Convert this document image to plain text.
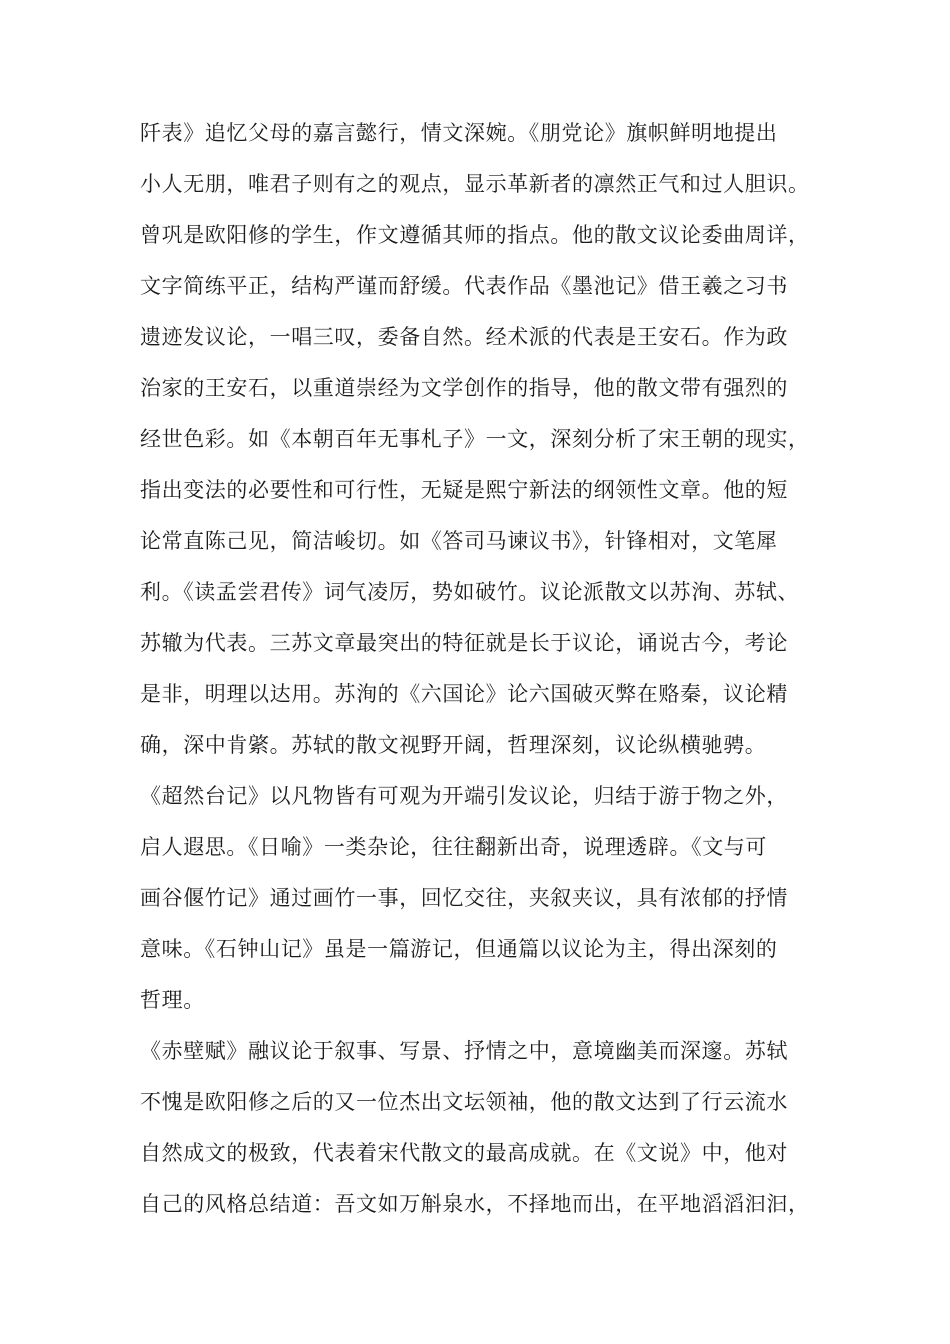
阡表》追忆父母的嘉言懿行，情文深婉。《朋党论》旗帜鲜明地提出
小人无朋，唯君子则有之的观点，显示革新者的凛然正气和过人胆识。
曾巩是欧阳修的学生，作文遵循其师的指点。他的散文议论委曲周详，
文字简练平正，结构严谨而舒缓。代表作品《墨池记》借王羲之习书
遗迹发议论，一唱三叹，委备自然。经术派的代表是王安石。作为政
治家的王安石，以重道崇经为文学创作的指导，他的散文带有强烈的
经世色彩。如《本朝百年无事札子》一文，深刻分析了宋王朝的现实，
指出变法的必要性和可行性，无疑是熙宁新法的纲领性文章。他的短
论常直陈己见，简洁峻切。如《答司马谏议书》，针锋相对，文笔犀
利。《读孟尝君传》词气凌厉，势如破竹。议论派散文以苏洵、苏轼、
苏辙为代表。三苏文章最突出的特征就是长于议论，诵说古今，考论
是非，明理以达用。苏洵的《六国论》论六国破灭弊在赂秦，议论精
确，深中肯綮。苏轼的散文视野开阔，哲理深刻，议论纵横驰骋。
《超然台记》以凡物皆有可观为开端引发议论，归结于游于物之外，
启人遐思。《日喻》一类杂论，往往翻新出奇，说理透辟。《文与可
画谷偃竹记》通过画竹一事，回忆交往，夹叙夹议，具有浓郁的抒情
意味。《石钟山记》虽是一篇游记，但通篇以议论为主，得出深刻的
哲理。
《赤壁赋》融议论于叙事、写景、抒情之中，意境幽美而深邃。苏轼
不愧是欧阳修之后的又一位杰出文坛领袖，他的散文达到了行云流水
自然成文的极致，代表着宋代散文的最高成就。在《文说》中，他对
自己的风格总结道：吾文如万斛泉水，不择地而出，在平地滔滔汩汩，
